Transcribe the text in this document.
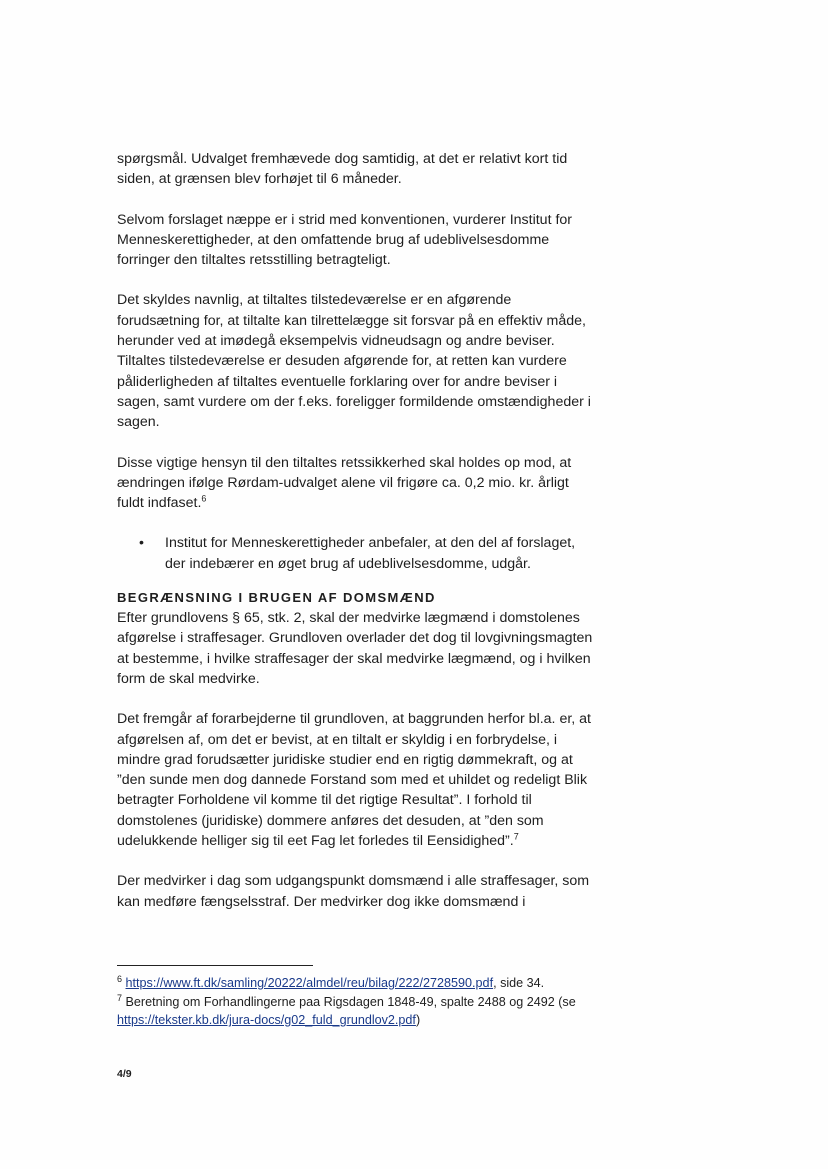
spørgsmål. Udvalget fremhævede dog samtidig, at det er relativt kort tid siden, at grænsen blev forhøjet til 6 måneder.

Selvom forslaget næppe er i strid med konventionen, vurderer Institut for Menneskerettigheder, at den omfattende brug af udeblivelsesdomme forringer den tiltaltes retsstilling betragteligt.

Det skyldes navnlig, at tiltaltes tilstedeværelse er en afgørende forudsætning for, at tiltalte kan tilrettelægge sit forsvar på en effektiv måde, herunder ved at imødegå eksempelvis vidneudsagn og andre beviser. Tiltaltes tilstedeværelse er desuden afgørende for, at retten kan vurdere påliderligheden af tiltaltes eventuelle forklaring over for andre beviser i sagen, samt vurdere om der f.eks. foreligger formildende omstændigheder i sagen.

Disse vigtige hensyn til den tiltaltes retssikkerhed skal holdes op mod, at ændringen ifølge Rørdam-udvalget alene vil frigøre ca. 0,2 mio. kr. årligt fuldt indfaset.$^6$

• Institut for Menneskerettigheder anbefaler, at den del af forslaget, der indebærer en øget brug af udeblivelsesdomme, udgår.

BEGRÆNSNING I BRUGEN AF DOMSMÆND

Efter grundlovens § 65, stk. 2, skal der medvirke lægmænd i domstolenes afgørelse i straffesager. Grundloven overlader det dog til lovgivningsmagten at bestemme, i hvilke straffesager der skal medvirke lægmænd, og i hvilken form de skal medvirke.

Det fremgår af forarbejderne til grundloven, at baggrunden herfor bl.a. er, at afgørelsen af, om det er bevist, at en tiltalt er skyldig i en forbrydelse, i mindre grad forudsætter juridiske studier end en rigtig dømmekraft, og at ”den sunde men dog dannede Forstand som med et uhildet og redeligt Blik betragter Forholdene vil komme til det rigtige Resultat”. I forhold til domstolenes (juridiske) dommere anføres det desuden, at ”den som udelukkende helliger sig til eet Fag let forledes til Eensidighed”.$^7$

Der medvirker i dag som udgangspunkt domsmænd i alle straffesager, som kan medføre fængselsstraf. Der medvirker dog ikke domsmænd i

$^6$ https://www.ft.dk/samling/20222/almdel/reu/bilag/222/2728590.pdf, side 34.

$^7$ Beretning om Forhandlingerne paa Rigsdagen 1848-49, spalte 2488 og 2492 (se https://tekster.kb.dk/jura-docs/g02_fuld_grundlov2.pdf)

4/9
